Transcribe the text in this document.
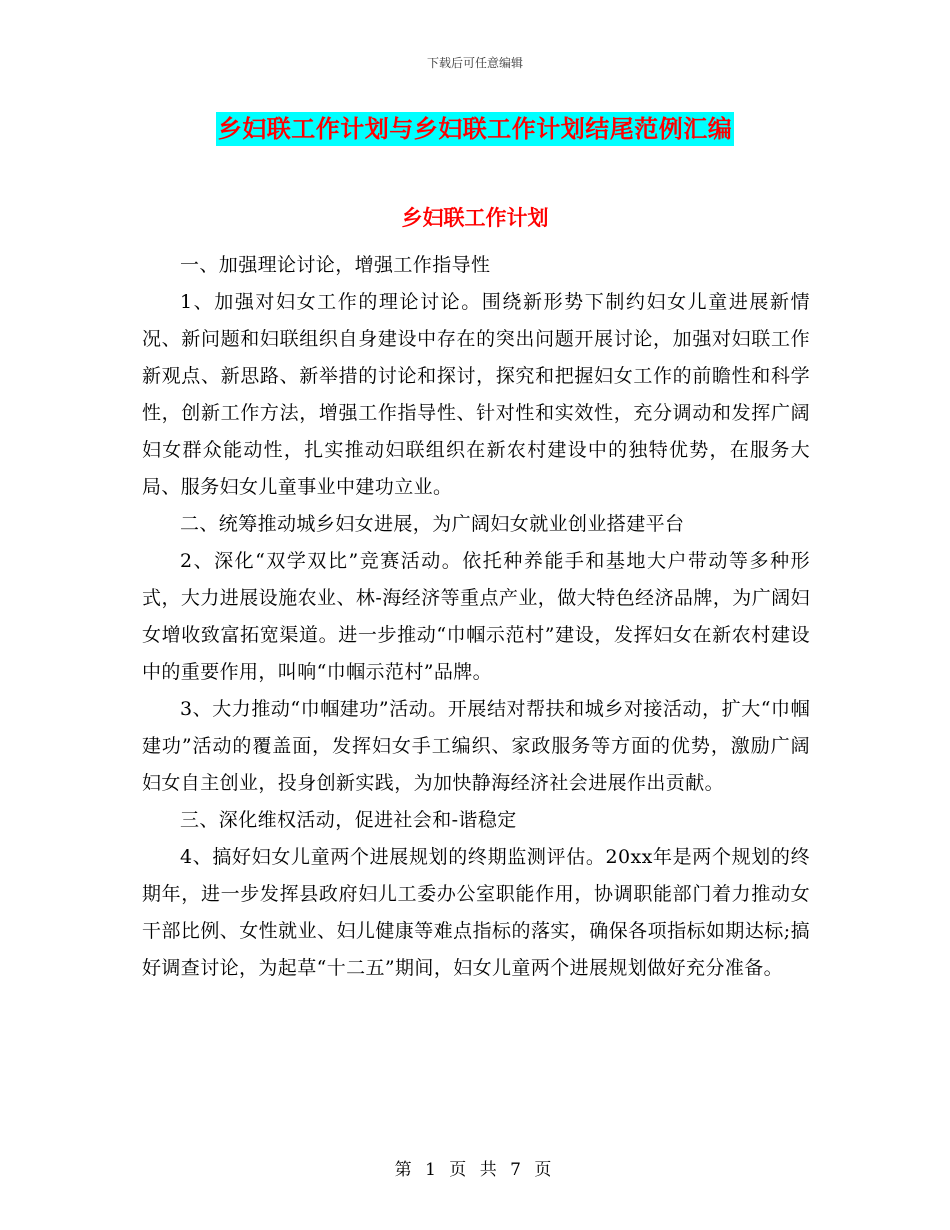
下载后可任意编辑
乡妇联工作计划与乡妇联工作计划结尾范例汇编
乡妇联工作计划

一、加强理论讨论，增强工作指导性

1、加强对妇女工作的理论讨论。围绕新形势下制约妇女儿童进展新情况、新问题和妇联组织自身建设中存在的突出问题开展讨论，加强对妇联工作新观点、新思路、新举措的讨论和探讨，探究和把握妇女工作的前瞻性和科学性，创新工作方法，增强工作指导性、针对性和实效性，充分调动和发挥广阔妇女群众能动性，扎实推动妇联组织在新农村建设中的独特优势，在服务大局、服务妇女儿童事业中建功立业。

二、统筹推动城乡妇女进展，为广阔妇女就业创业搭建平台

2、深化“双学双比”竞赛活动。依托种养能手和基地大户带动等多种形式，大力进展设施农业、林-海经济等重点产业，做大特色经济品牌，为广阔妇女增收致富拓宽渠道。进一步推动“巾帼示范村”建设，发挥妇女在新农村建设中的重要作用，叫响“巾帼示范村”品牌。

3、大力推动“巾帼建功”活动。开展结对帮扶和城乡对接活动，扩大“巾帼建功”活动的覆盖面，发挥妇女手工编织、家政服务等方面的优势，激励广阔妇女自主创业，投身创新实践，为加快静海经济社会进展作出贡献。

三、深化维权活动，促进社会和-谐稳定

4、搞好妇女儿童两个进展规划的终期监测评估。20xx年是两个规划的终期年，进一步发挥县政府妇儿工委办公室职能作用，协调职能部门着力推动女干部比例、女性就业、妇儿健康等难点指标的落实，确保各项指标如期达标;搞好调查讨论，为起草“十二五”期间，妇女儿童两个进展规划做好充分准备。

第 1 页 共 7 页
